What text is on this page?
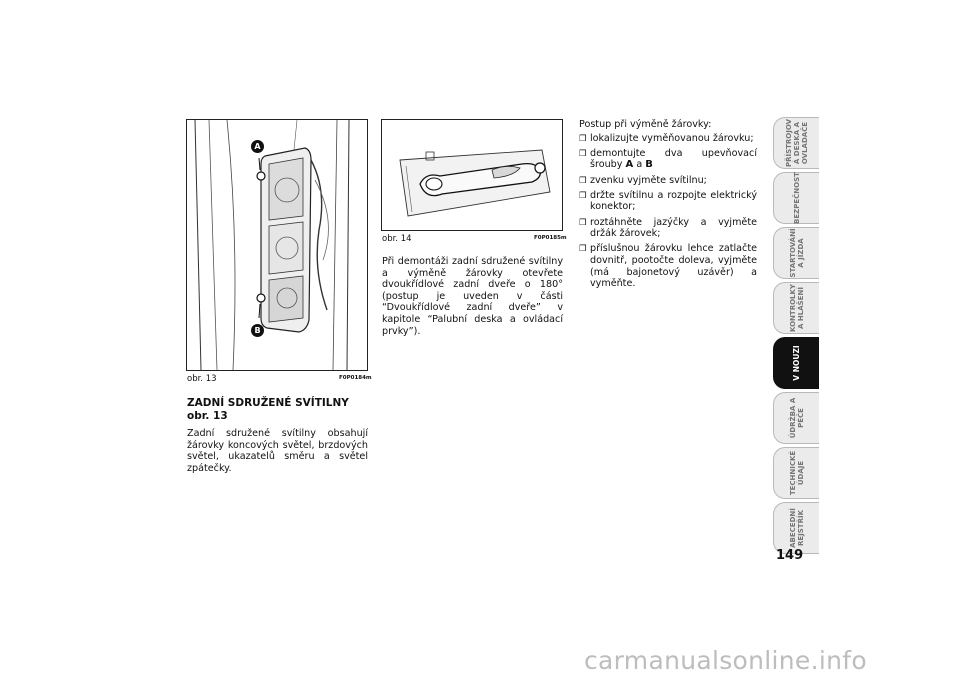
A
B
obr. 13	F0P0184m
obr. 14	F0P0185m
ZADNÍ SDRUŽENÉ SVÍTILNY
obr. 13
Zadní sdružené svítilny obsahují žárovky koncových světel, brzdových světel, ukazatelů směru a světel zpátečky.
Při demontáži zadní sdružené svítilny a výměně žárovky otevřete dvoukřídlové zadní dveře o 180° (postup je uveden v části “Dvoukřídlové zadní dveře” v kapitole “Palubní deska a ovládací prvky”).
Postup při výměně žárovky:
❒ lokalizujte vyměňovanou žárovku;
❒ demontujte dva upevňovací šrouby A a B
❒ zvenku vyjměte svítilnu;
❒ držte svítilnu a rozpojte elektrický konektor;
❒ roztáhněte jazýčky a vyjměte držák žárovek;
❒ příslušnou žárovku lehce zatlačte dovnitř, pootočte doleva, vyjměte (má bajonetový uzávěr) a vyměňte.
PŘÍSTROJOV Á DESKA A OVLADAČE
BEZPEČNOST
STARTOVÁNÍ A JÍZDA
KONTROLKY A HLÁŠENÍ
V NOUZI
ÚDRŽBA A PÉČE
TECHNICKÉ ÚDAJE
ABECEDNÍ REJSTŘÍK
149
carmanualsonline.info
